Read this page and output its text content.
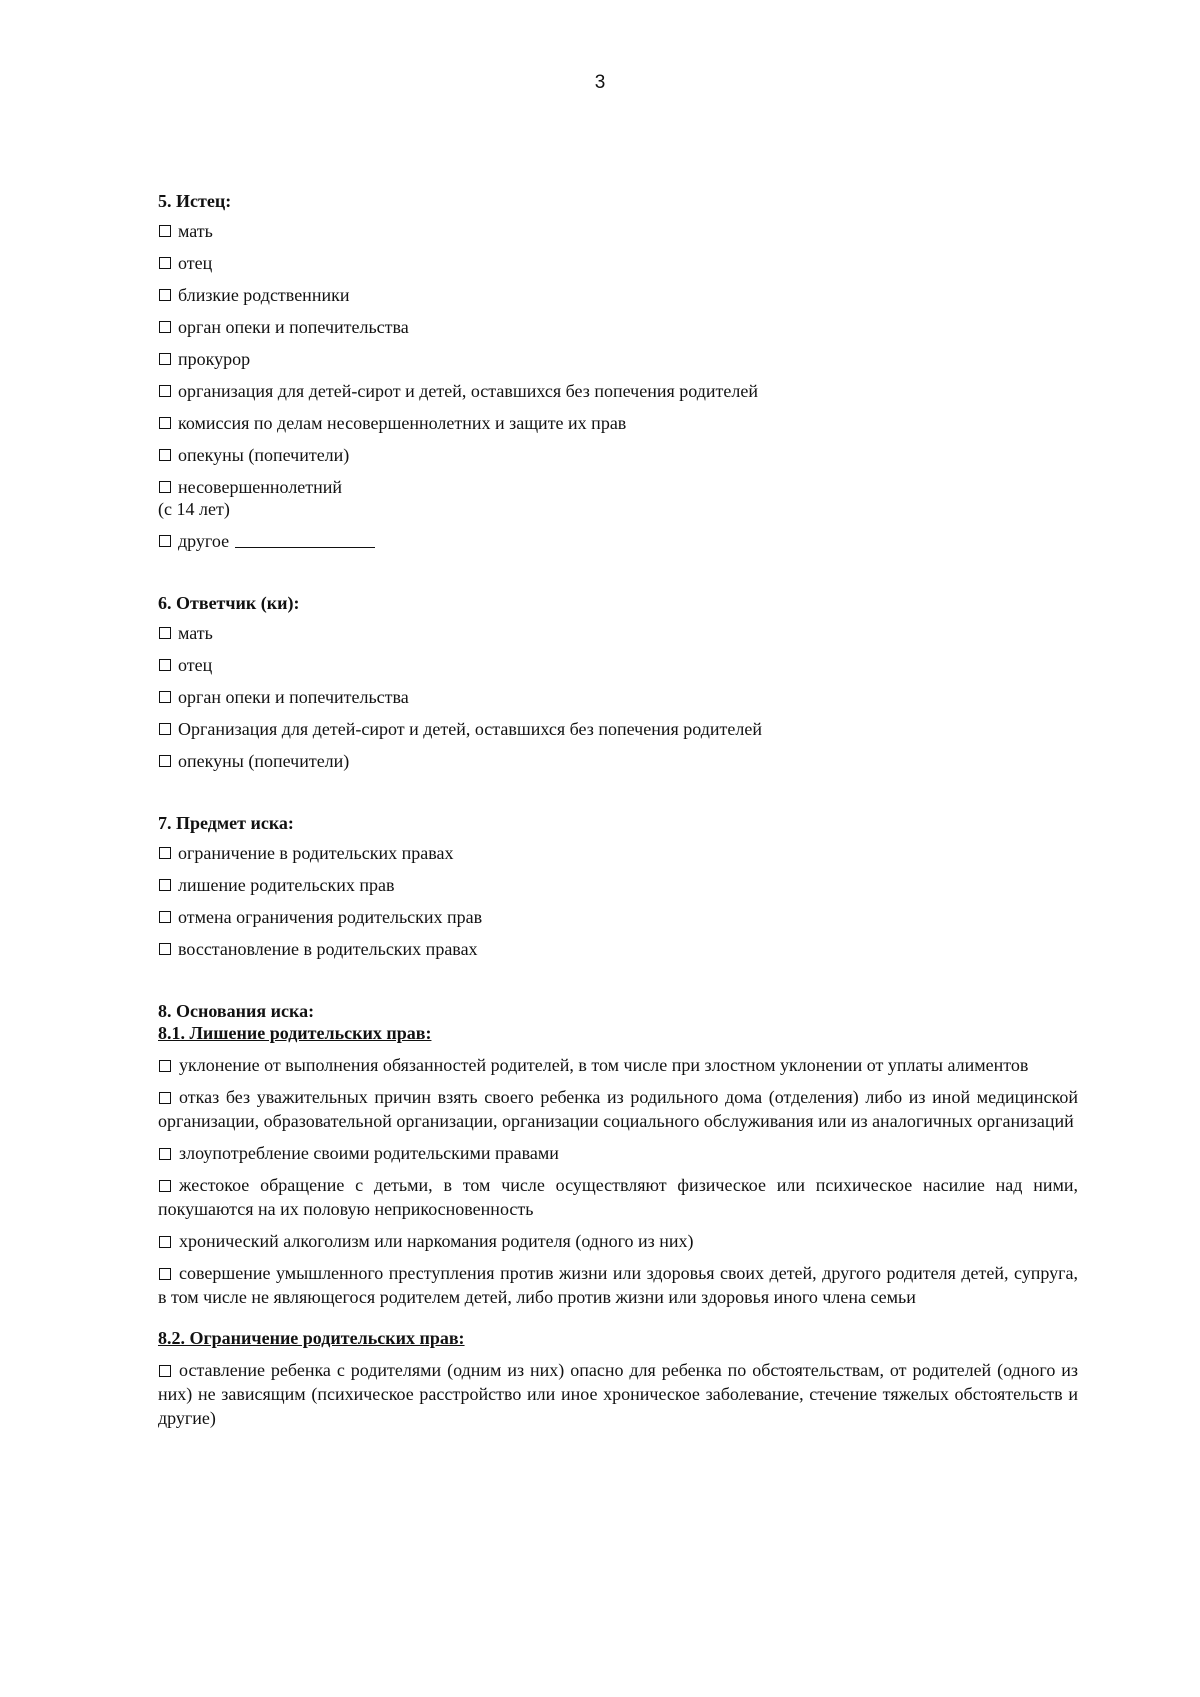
3
5. Истец:
мать
отец
близкие родственники
орган опеки и попечительства
прокурор
организация для детей-сирот и детей, оставшихся без попечения родителей
комиссия по делам несовершеннолетних и защите их прав
опекуны (попечители)
несовершеннолетний
(с 14 лет)
другое
6. Ответчик (ки):
мать
отец
орган опеки и попечительства
Организация для детей-сирот и детей, оставшихся без попечения родителей
опекуны (попечители)
7. Предмет иска:
ограничение в родительских правах
лишение родительских прав
отмена ограничения родительских прав
восстановление в родительских правах
8. Основания иска:
8.1. Лишение родительских прав:
уклонение от выполнения обязанностей родителей, в том числе при злостном уклонении от уплаты алиментов
отказ без уважительных причин взять своего ребенка из родильного дома (отделения) либо из иной медицинской организации, образовательной организации, организации социального обслуживания или из аналогичных организаций
злоупотребление своими родительскими правами
жестокое обращение с детьми, в том числе осуществляют физическое или психическое насилие над ними, покушаются на их половую неприкосновенность
хронический алкоголизм или наркомания родителя (одного из них)
совершение умышленного преступления против жизни или здоровья своих детей, другого родителя детей, супруга, в том числе не являющегося родителем детей, либо против жизни или здоровья иного члена семьи
8.2. Ограничение родительских прав:
оставление ребенка с родителями (одним из них) опасно для ребенка по обстоятельствам, от родителей (одного из них) не зависящим (психическое расстройство или иное хроническое заболевание, стечение тяжелых обстоятельств и другие)
